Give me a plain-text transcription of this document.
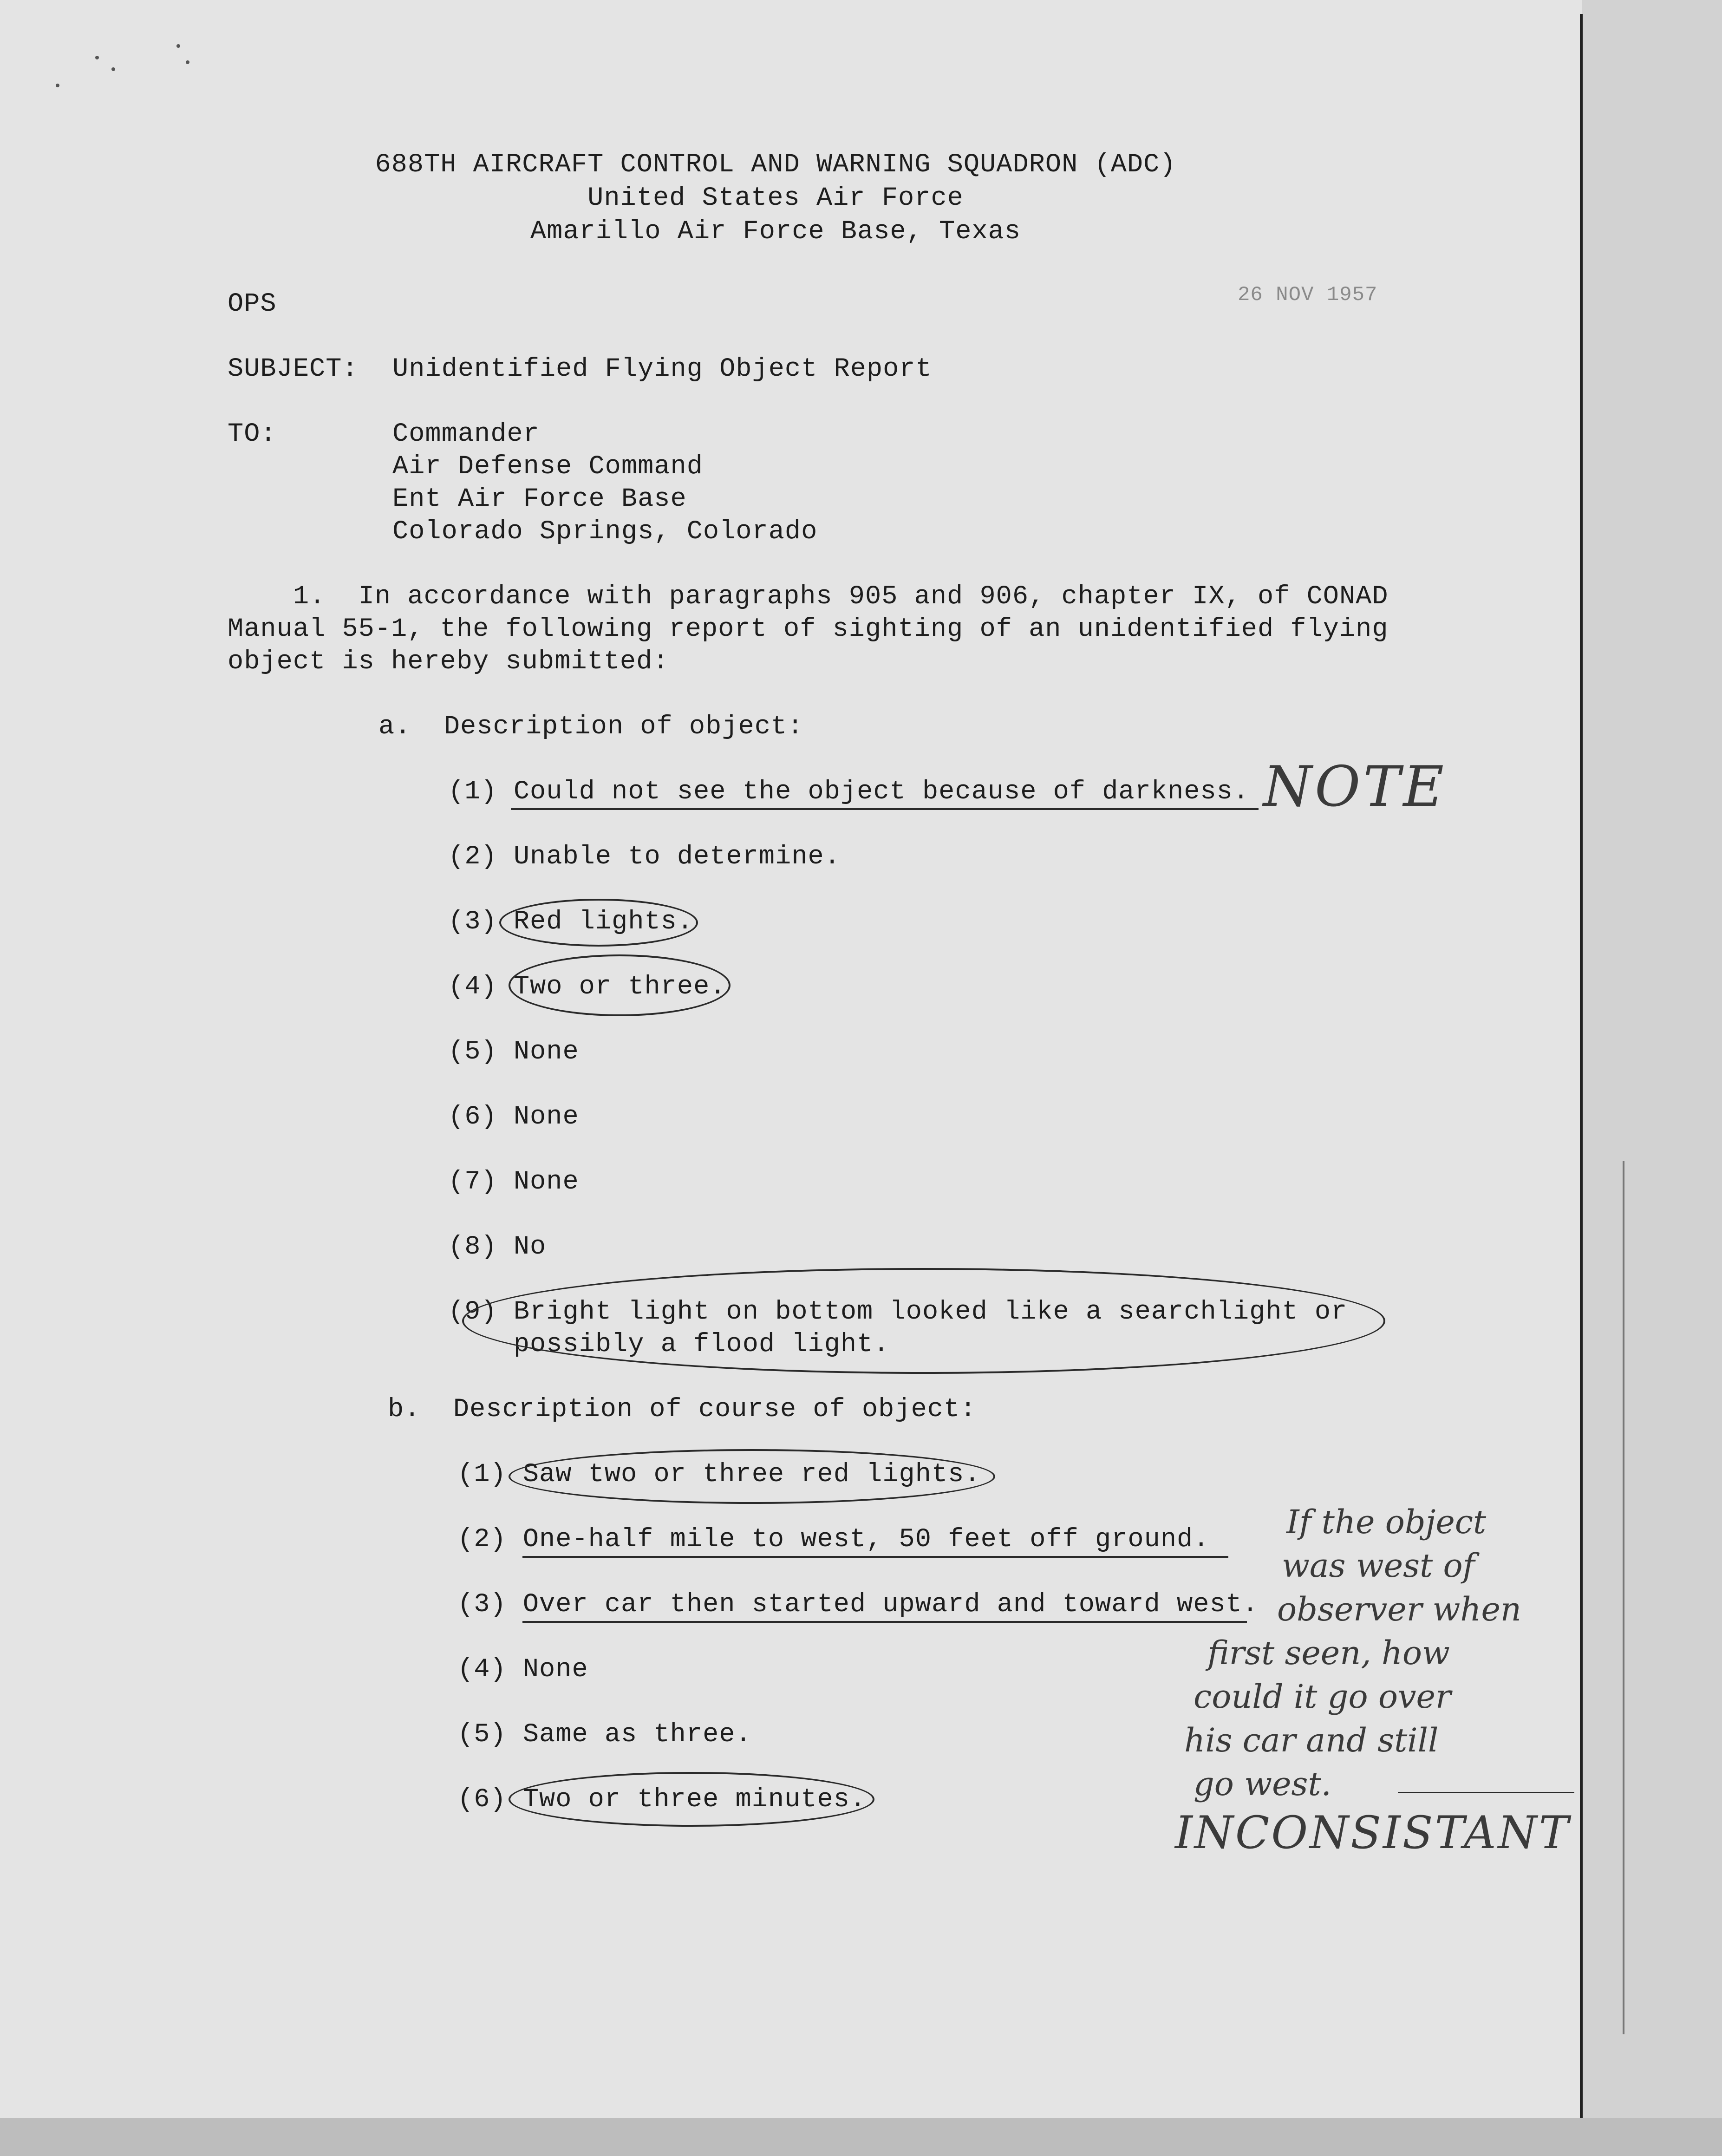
688TH AIRCRAFT CONTROL AND WARNING SQUADRON (ADC)
United States Air Force
Amarillo Air Force Base, Texas
OPS	26 NOV 1957
SUBJECT: Unidentified Flying Object Report
TO:	Commander
Air Defense Command
Ent Air Force Base
Colorado Springs, Colorado
1.  In accordance with paragraphs 905 and 906, chapter IX, of CONAD
Manual 55-1, the following report of sighting of an unidentified flying
object is hereby submitted:
a.  Description of object:
(1) Could not see the object because of darkness.
(2) Unable to determine.
(3) Red lights.
(4) Two or three.
(5) None
(6) None
(7) None
(8) No
(9) Bright light on bottom looked like a searchlight or
possibly a flood light.
b.  Description of course of object:
(1) Saw two or three red lights.
(2) One-half mile to west, 50 feet off ground.
(3) Over car then started upward and toward west.
(4) None
(5) Same as three.
(6) Two or three minutes.
NOTE
If the object
was west of
observer when
first seen, how
could it go over
his car and still
go west.
INCONSISTANT
